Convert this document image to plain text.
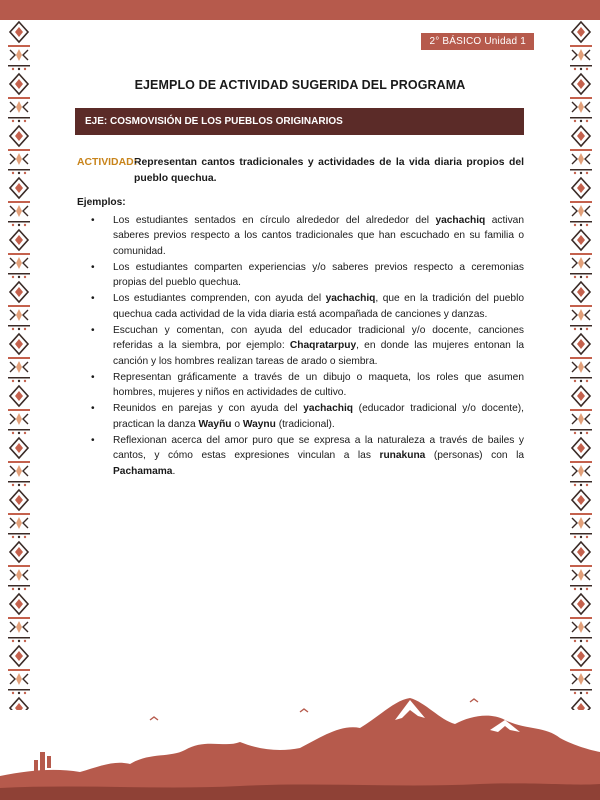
2° BÁSICO Unidad 1
EJEMPLO DE ACTIVIDAD SUGERIDA DEL PROGRAMA
EJE: COSMOVISIÓN DE LOS PUEBLOS ORIGINARIOS
ACTIVIDAD:
Representan cantos tradicionales y actividades de la vida diaria propios del pueblo quechua.
Ejemplos:
• Los estudiantes sentados en círculo alrededor del alrededor del yachachiq activan saberes previos respecto a los cantos tradicionales que han escuchado en su familia o comunidad.
• Los estudiantes comparten experiencias y/o saberes previos respecto a ceremonias propias del pueblo quechua.
• Los estudiantes comprenden, con ayuda del yachachiq, que en la tradición del pueblo quechua cada actividad de la vida diaria está acompañada de canciones y danzas.
• Escuchan y comentan, con ayuda del educador tradicional y/o docente, canciones referidas a la siembra, por ejemplo: Chaqratarpuy, en donde las mujeres entonan la canción y los hombres realizan tareas de arado o siembra.
• Representan gráficamente a través de un dibujo o maqueta, los roles que asumen hombres, mujeres y niños en actividades de cultivo.
• Reunidos en parejas y con ayuda del yachachiq (educador tradicional y/o docente), practican la danza Wayñu o Waynu (tradicional).
• Reflexionan acerca del amor puro que se expresa a la naturaleza a través de bailes y cantos, y cómo estas expresiones vinculan a las runakuna (personas) con la Pachamama.
